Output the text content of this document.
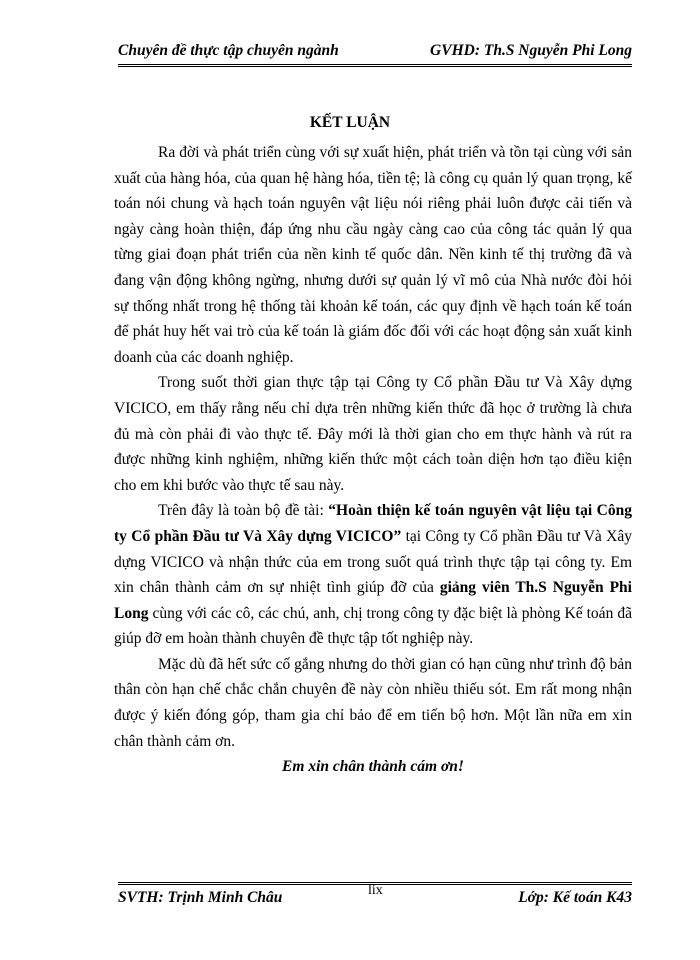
Chuyên đề thực tập chuyên ngành	GVHD: Th.S Nguyễn Phi Long
KẾT LUẬN

Ra đời và phát triển cùng với sự xuất hiện, phát triển và tồn tại cùng với sản xuất của hàng hóa, của quan hệ hàng hóa, tiền tệ; là công cụ quản lý quan trọng, kế toán nói chung và hạch toán nguyên vật liệu nói riêng phải luôn được cải tiến và ngày càng hoàn thiện, đáp ứng nhu cầu ngày càng cao của công tác quản lý qua từng giai đoạn phát triển của nền kinh tế quốc dân. Nền kinh tế thị trường đã và đang vận động không ngừng, nhưng dưới sự quản lý vĩ mô của Nhà nước đòi hỏi sự thống nhất trong hệ thống tài khoản kế toán, các quy định về hạch toán kế toán để phát huy hết vai trò của kế toán là giám đốc đối với các hoạt động sản xuất kinh doanh của các doanh nghiệp.

Trong suốt thời gian thực tập tại Công ty Cổ phần Đầu tư Và Xây dựng VICICO, em thấy rằng nếu chỉ dựa trên những kiến thức đã học ở trường là chưa đủ mà còn phải đi vào thực tế. Đây mới là thời gian cho em thực hành và rút ra được những kinh nghiệm, những kiến thức một cách toàn diện hơn tạo điều kiện cho em khi bước vào thực tế sau này.

Trên đây là toàn bộ đề tài: “Hoàn thiện kế toán nguyên vật liệu tại Công ty Cổ phần Đầu tư Và Xây dựng VICICO” tại Công ty Cổ phần Đầu tư Và Xây dựng VICICO và nhận thức của em trong suốt quá trình thực tập tại công ty. Em xin chân thành cảm ơn sự nhiệt tình giúp đỡ của giảng viên Th.S Nguyễn Phi Long cùng với các cô, các chú, anh, chị trong công ty đặc biệt là phòng Kế toán đã giúp đỡ em hoàn thành chuyên đề thực tập tốt nghiệp này.

Mặc dù đã hết sức cố gắng nhưng do thời gian có hạn cũng như trình độ bản thân còn hạn chế chắc chắn chuyên đề này còn nhiều thiếu sót. Em rất mong nhận được ý kiến đóng góp, tham gia chỉ bảo để em tiến bộ hơn. Một lần nữa em xin chân thành cảm ơn.

Em xin chân thành cám ơn!

SVTH: Trịnh Minh Châu	lix	Lớp: Kế toán K43
